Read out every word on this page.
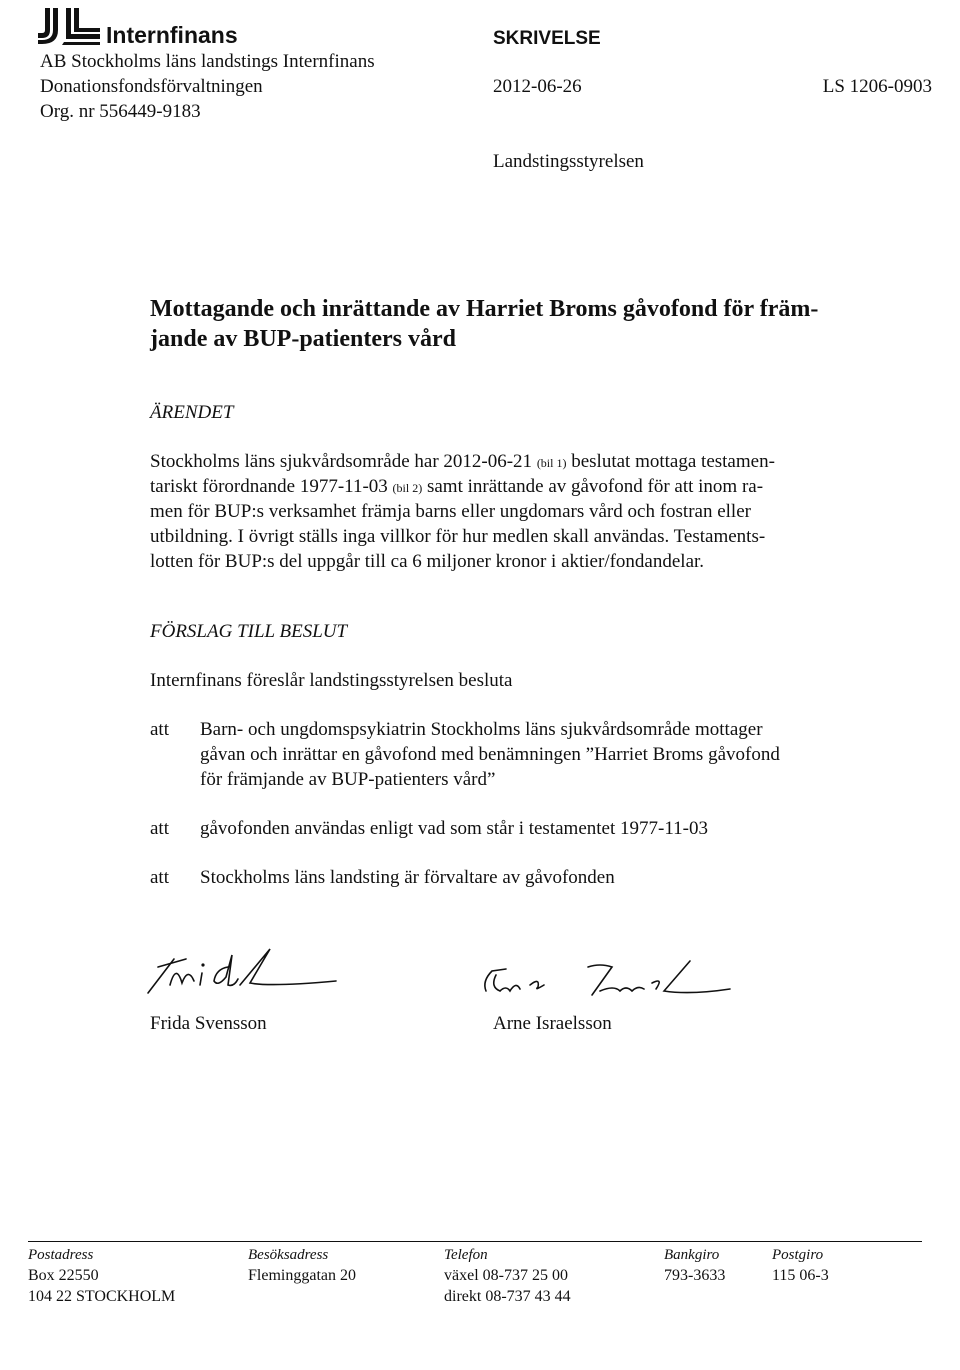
Internfinans
AB Stockholms läns landstings Internfinans
Donationsfondsförvaltningen
Org. nr 556449-9183
SKRIVELSE
2012-06-26	LS 1206-0903
Landstingsstyrelsen
Mottagande och inrättande av Harriet Broms gåvofond för främ-
jande av BUP-patienters vård
ÄRENDET
Stockholms läns sjukvårdsområde har 2012-06-21 (bil 1) beslutat mottaga testamen-
tariskt förordnande 1977-11-03 (bil 2) samt inrättande av gåvofond för att inom ra-
men för BUP:s verksamhet främja barns eller ungdomars vård och fostran eller
utbildning. I övrigt ställs inga villkor för hur medlen skall användas. Testaments-
lotten för BUP:s del uppgår till ca 6 miljoner kronor i aktier/fondandelar.
FÖRSLAG TILL BESLUT
Internfinans föreslår landstingsstyrelsen besluta
att Barn- och ungdomspsykiatrin Stockholms läns sjukvårdsområde mottager
gåvan och inrättar en gåvofond med benämningen ”Harriet Broms gåvofond
för främjande av BUP-patienters vård”
att gåvofonden användas enligt vad som står i testamentet 1977-11-03
att Stockholms läns landsting är förvaltare av gåvofonden
Frida Svensson	Arne Israelsson
Postadress
Box 22550
104 22 STOCKHOLM
Besöksadress
Fleminggatan 20
Telefon
växel 08-737 25 00
direkt 08-737 43 44
Bankgiro
793-3633
Postgiro
115 06-3
